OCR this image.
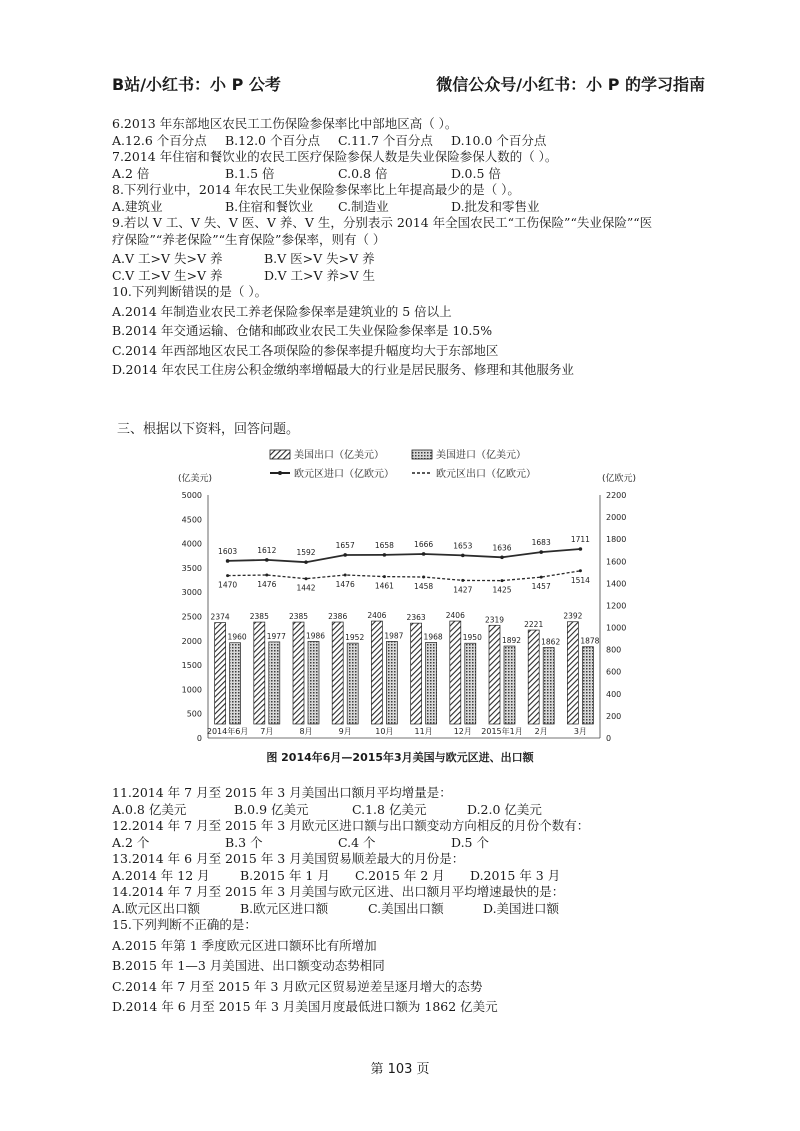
B站/小红书：小 P 公考	微信公众号/小红书：小 P 的学习指南
6.2013 年东部地区农民工工伤保险参保率比中部地区高（ ）。
A.12.6 个百分点 B.12.0 个百分点 C.11.7 个百分点 D.10.0 个百分点
7.2014 年住宿和餐饮业的农民工医疗保险参保人数是失业保险参保人数的（ ）。
A.2 倍	B.1.5 倍	C.0.8 倍	D.0.5 倍
8.下列行业中，2014 年农民工失业保险参保率比上年提高最少的是（ ）。
A.建筑业	B.住宿和餐饮业 C.制造业	D.批发和零售业
9.若以 V 工、V 失、V 医、V 养、V 生，分别表示 2014 年全国农民工“工伤保险”“失业保险”“医
疗保险”“养老保险”“生育保险”参保率，则有（ ）
A.V 工>V 失>V 养	B.V 医>V 失>V 养
C.V 工>V 生>V 养	D.V 工>V 养>V 生
10.下列判断错误的是（ ）。
A.2014 年制造业农民工养老保险参保率是建筑业的 5 倍以上
B.2014 年交通运输、仓储和邮政业农民工失业保险参保率是 10.5%
C.2014 年西部地区农民工各项保险的参保率提升幅度均大于东部地区
D.2014 年农民工住房公积金缴纳率增幅最大的行业是居民服务、修理和其他服务业
三、根据以下资料，回答问题。
美国出口（亿美元）	美国进口（亿美元）
欧元区进口（亿欧元）	欧元区出口（亿欧元）
(亿美元)	(亿欧元)
0
500
1000
1500
2000
2500
3000
3500
4000
4500
5000
0
200
400
600
800
1000
1200
1400
1600
1800
2000
2200
2014年6月 7月	8月	9月	10月	11月	12月 2015年1月 2月	3月
2374
1960
2385
1977
2385
1986
2386
1952
2406
1987
2363
1968
2406
1950
2319
1892
2221
1862
2392
1878
1603	1612	1592
1657	1658	1666	1653	1636
1683	1711
1470	1476	1442	1476	1461	1458	1427	1425	1457
1514
图 2014年6月—2015年3月美国与欧元区进、出口额
11.2014 年 7 月至 2015 年 3 月美国出口额月平均增量是：
A.0.8 亿美元	B.0.9 亿美元	C.1.8 亿美元	D.2.0 亿美元
12.2014 年 7 月至 2015 年 3 月欧元区进口额与出口额变动方向相反的月份个数有：
A.2 个	B.3 个	C.4 个	D.5 个
13.2014 年 6 月至 2015 年 3 月美国贸易顺差最大的月份是：
A.2014 年 12 月 B.2015 年 1 月 C.2015 年 2 月 D.2015 年 3 月
14.2014 年 7 月至 2015 年 3 月美国与欧元区进、出口额月平均增速最快的是：
A.欧元区出口额	B.欧元区进口额	C.美国出口额	D.美国进口额
15.下列判断不正确的是：
A.2015 年第 1 季度欧元区进口额环比有所增加
B.2015 年 1—3 月美国进、出口额变动态势相同
C.2014 年 7 月至 2015 年 3 月欧元区贸易逆差呈逐月增大的态势
D.2014 年 6 月至 2015 年 3 月美国月度最低进口额为 1862 亿美元
第 103 页
